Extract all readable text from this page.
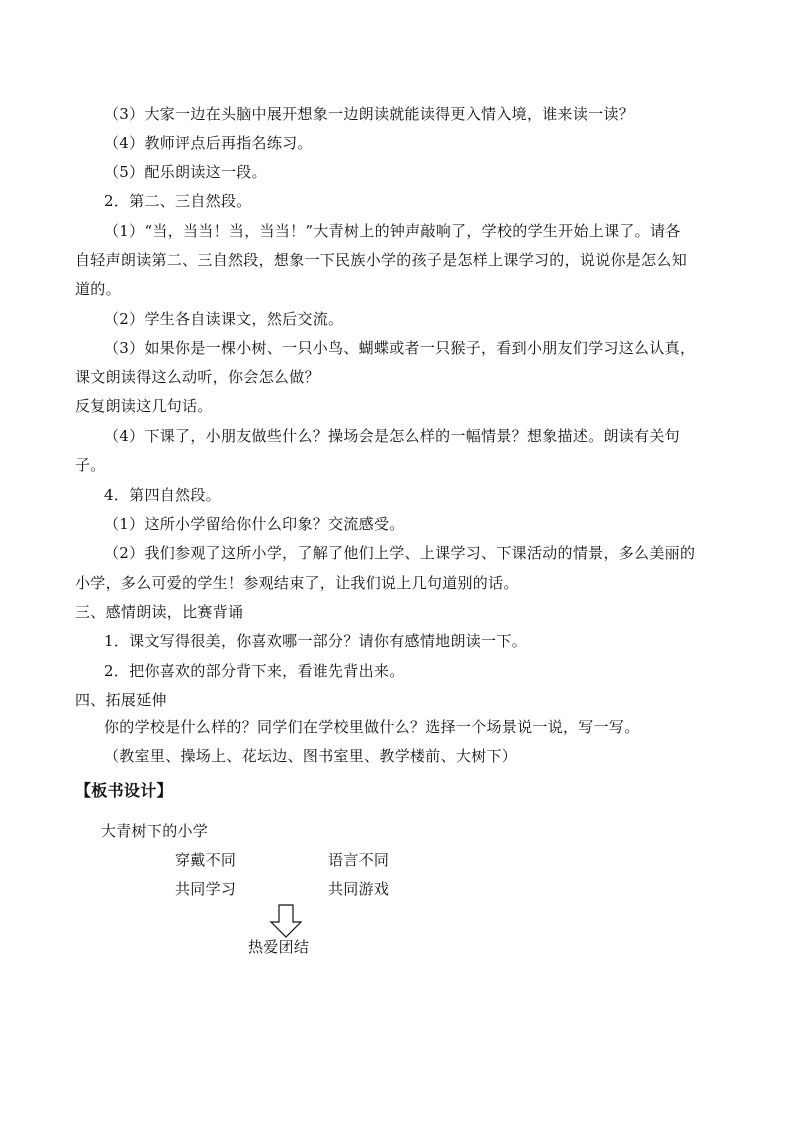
（3）大家一边在头脑中展开想象一边朗读就能读得更入情入境，谁来读一读？
（4）教师评点后再指名练习。
（5）配乐朗读这一段。
2．第二、三自然段。
（1）“当，当当！当，当当！”大青树上的钟声敲响了，学校的学生开始上课了。请各
自轻声朗读第二、三自然段，想象一下民族小学的孩子是怎样上课学习的，说说你是怎么知
道的。
（2）学生各自读课文，然后交流。
（3）如果你是一棵小树、一只小鸟、蝴蝶或者一只猴子，看到小朋友们学习这么认真，
课文朗读得这么动听，你会怎么做？
反复朗读这几句话。
（4）下课了，小朋友做些什么？操场会是怎么样的一幅情景？想象描述。朗读有关句
子。
4．第四自然段。
（1）这所小学留给你什么印象？交流感受。
（2）我们参观了这所小学，了解了他们上学、上课学习、下课活动的情景，多么美丽的
小学，多么可爱的学生！参观结束了，让我们说上几句道别的话。
三、感情朗读，比赛背诵
1．课文写得很美，你喜欢哪一部分？请你有感情地朗读一下。
2．把你喜欢的部分背下来，看谁先背出来。
四、拓展延伸
你的学校是什么样的？同学们在学校里做什么？选择一个场景说一说，写一写。
（教室里、操场上、花坛边、图书室里、教学楼前、大树下）
【板书设计】
大青树下的小学
穿戴不同	语言不同
共同学习	共同游戏
热爱团结
